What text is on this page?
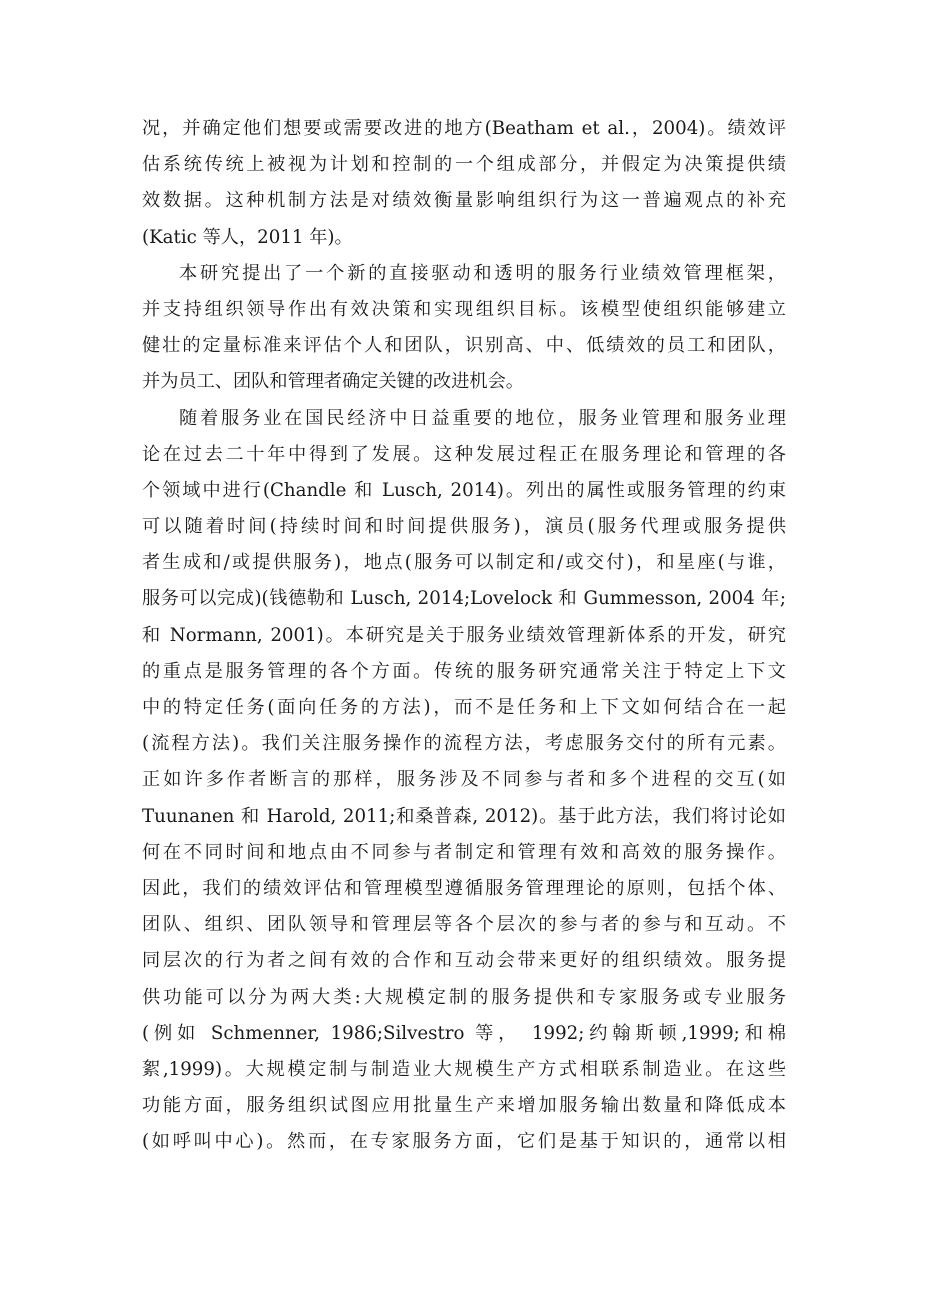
况，并确定他们想要或需要改进的地方(Beatham et al.，2004)。绩效评
估系统传统上被视为计划和控制的一个组成部分，并假定为决策提供绩
效数据。这种机制方法是对绩效衡量影响组织行为这一普遍观点的补充
(Katic 等人，2011 年)。
本研究提出了一个新的直接驱动和透明的服务行业绩效管理框架，
并支持组织领导作出有效决策和实现组织目标。该模型使组织能够建立
健壮的定量标准来评估个人和团队，识别高、中、低绩效的员工和团队，
并为员工、团队和管理者确定关键的改进机会。
随着服务业在国民经济中日益重要的地位，服务业管理和服务业理
论在过去二十年中得到了发展。这种发展过程正在服务理论和管理的各
个领域中进行(Chandle 和 Lusch, 2014)。列出的属性或服务管理的约束
可以随着时间(持续时间和时间提供服务)，演员(服务代理或服务提供
者生成和/或提供服务)，地点(服务可以制定和/或交付)，和星座(与谁，
服务可以完成)(钱德勒和 Lusch, 2014;Lovelock 和 Gummesson, 2004 年;
和 Normann, 2001)。本研究是关于服务业绩效管理新体系的开发，研究
的重点是服务管理的各个方面。传统的服务研究通常关注于特定上下文
中的特定任务(面向任务的方法)，而不是任务和上下文如何结合在一起
(流程方法)。我们关注服务操作的流程方法，考虑服务交付的所有元素。
正如许多作者断言的那样，服务涉及不同参与者和多个进程的交互(如
Tuunanen 和 Harold, 2011;和桑普森, 2012)。基于此方法，我们将讨论如
何在不同时间和地点由不同参与者制定和管理有效和高效的服务操作。
因此，我们的绩效评估和管理模型遵循服务管理理论的原则，包括个体、
团队、组织、团队领导和管理层等各个层次的参与者的参与和互动。不
同层次的行为者之间有效的合作和互动会带来更好的组织绩效。服务提
供功能可以分为两大类:大规模定制的服务提供和专家服务或专业服务
(例如 Schmenner, 1986;Silvestro 等， 1992;约翰斯顿,1999;和棉
絮,1999)。大规模定制与制造业大规模生产方式相联系制造业。在这些
功能方面，服务组织试图应用批量生产来增加服务输出数量和降低成本
(如呼叫中心)。然而，在专家服务方面，它们是基于知识的，通常以相
